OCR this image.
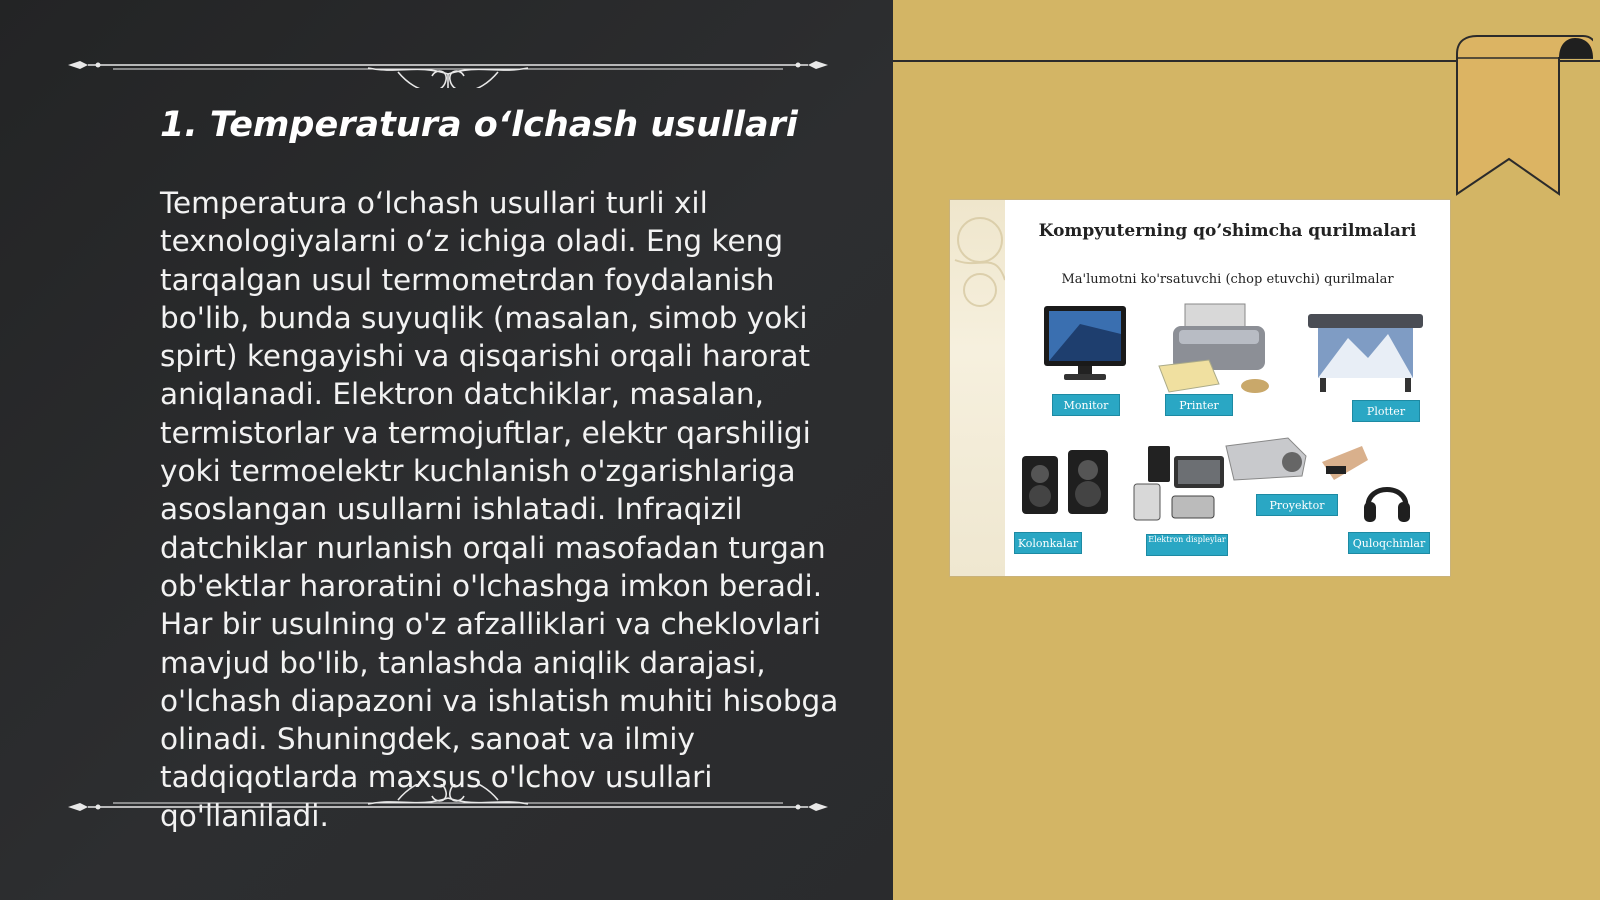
1. Temperatura o‘lchash usullari
Temperatura o‘lchash usullari turli xil texnologiyalarni o‘z ichiga oladi. Eng keng tarqalgan usul termometrdan foydalanish bo'lib, bunda suyuqlik (masalan, simob yoki spirt) kengayishi va qisqarishi orqali harorat aniqlanadi. Elektron datchiklar, masalan, termistorlar va termojuftlar, elektr qarshiligi yoki termoelektr kuchlanish o'zgarishlariga asoslangan usullarni ishlatadi. Infraqizil datchiklar nurlanish orqali masofadan turgan ob'ektlar haroratini o'lchashga imkon beradi. Har bir usulning o'z afzalliklari va cheklovlari mavjud bo'lib, tanlashda aniqlik darajasi, o'lchash diapazoni va ishlatish muhiti hisobga olinadi. Shuningdek, sanoat va ilmiy tadqiqotlarda maxsus o'lchov usullari qo'llaniladi.
Kompyuterning qo’shimcha qurilmalari
Ma'lumotni ko'rsatuvchi (chop etuvchi) qurilmalar
Monitor	Printer	Plotter
Kolonkalar	Elektron displeylar
Proyektor
Quloqchinlar
